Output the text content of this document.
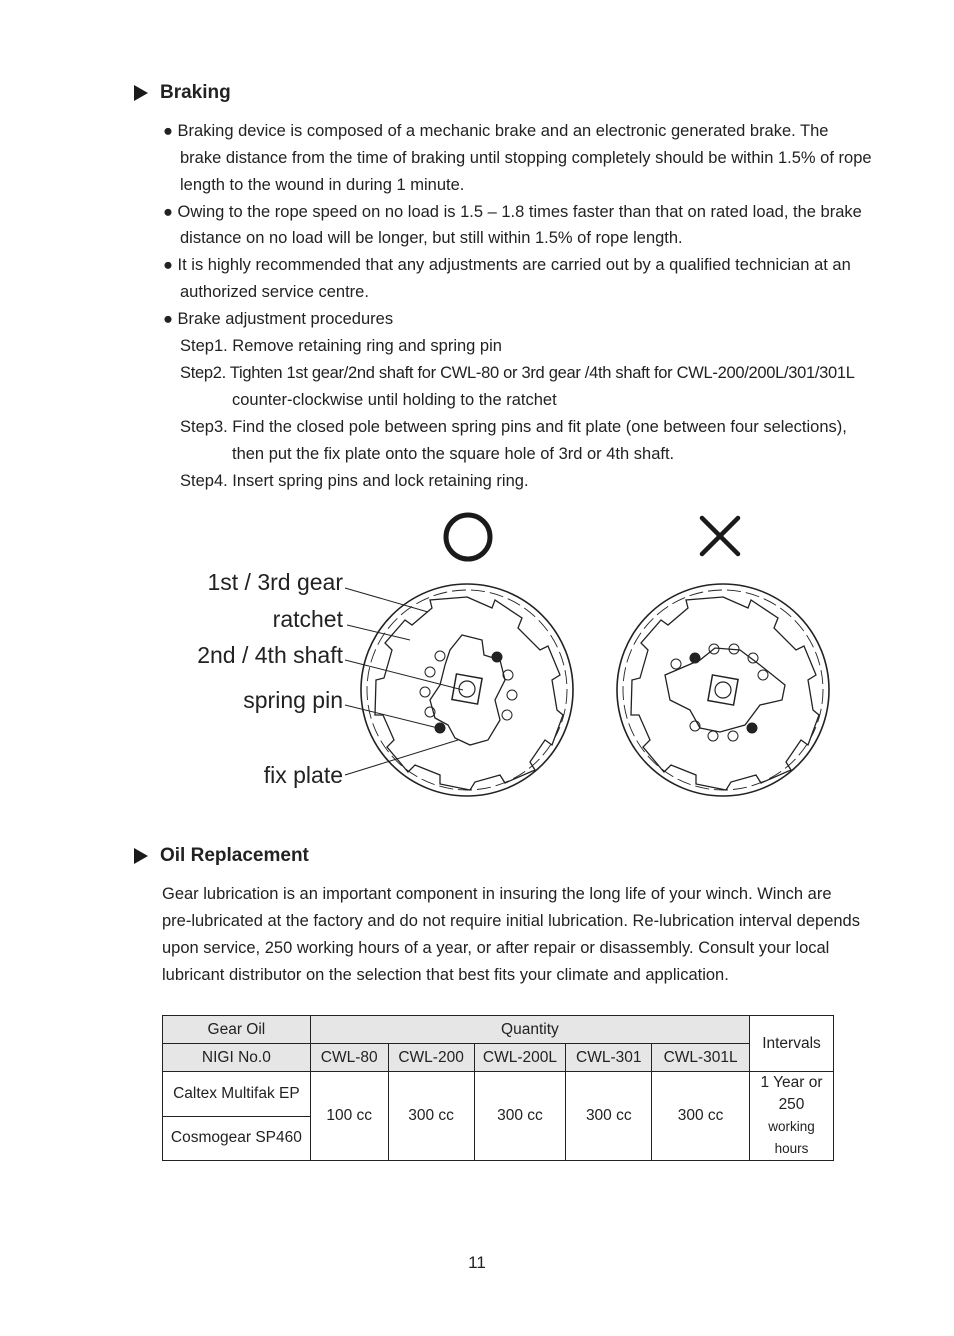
Braking
● Braking device is composed of a mechanic brake and an electronic generated brake. The
brake distance from the time of braking until stopping completely should be within 1.5% of rope
length to the wound in during 1 minute.
● Owing to the rope speed on no load is 1.5 – 1.8 times faster than that on rated load, the brake
distance on no load will be longer, but still within 1.5% of rope length.
● It is highly recommended that any adjustments are carried out by a qualified technician at an
authorized service centre.
● Brake adjustment procedures
Step1. Remove retaining ring and spring pin
Step2. Tighten 1st gear/2nd shaft for CWL-80 or 3rd gear /4th shaft for CWL-200/200L/301/301L
counter-clockwise until holding to the ratchet
Step3. Find the closed pole between spring pins and fit plate (one between four selections),
then put the fix plate onto the square hole of 3rd or 4th shaft.
Step4. Insert spring pins and lock retaining ring.
1st / 3rd gear
ratchet
2nd / 4th shaft
spring pin
fix plate
Oil Replacement
Gear lubrication is an important component in insuring the long life of your winch. Winch are
pre-lubricated at the factory and do not require initial lubrication. Re-lubrication interval depends
upon service, 250 working hours of a year, or after repair or disassembly. Consult your local
lubricant distributor on the selection that best fits your climate and application.
Gear Oil	Quantity					Intervals
NIGI No.0	CWL-80	CWL-200	CWL-200L	CWL-301	CWL-301L	
Caltex Multifak EP	100 cc	300 cc	300 cc	300 cc	300 cc	1 Year or
250
working hours

Cosmogear SP460						
11
